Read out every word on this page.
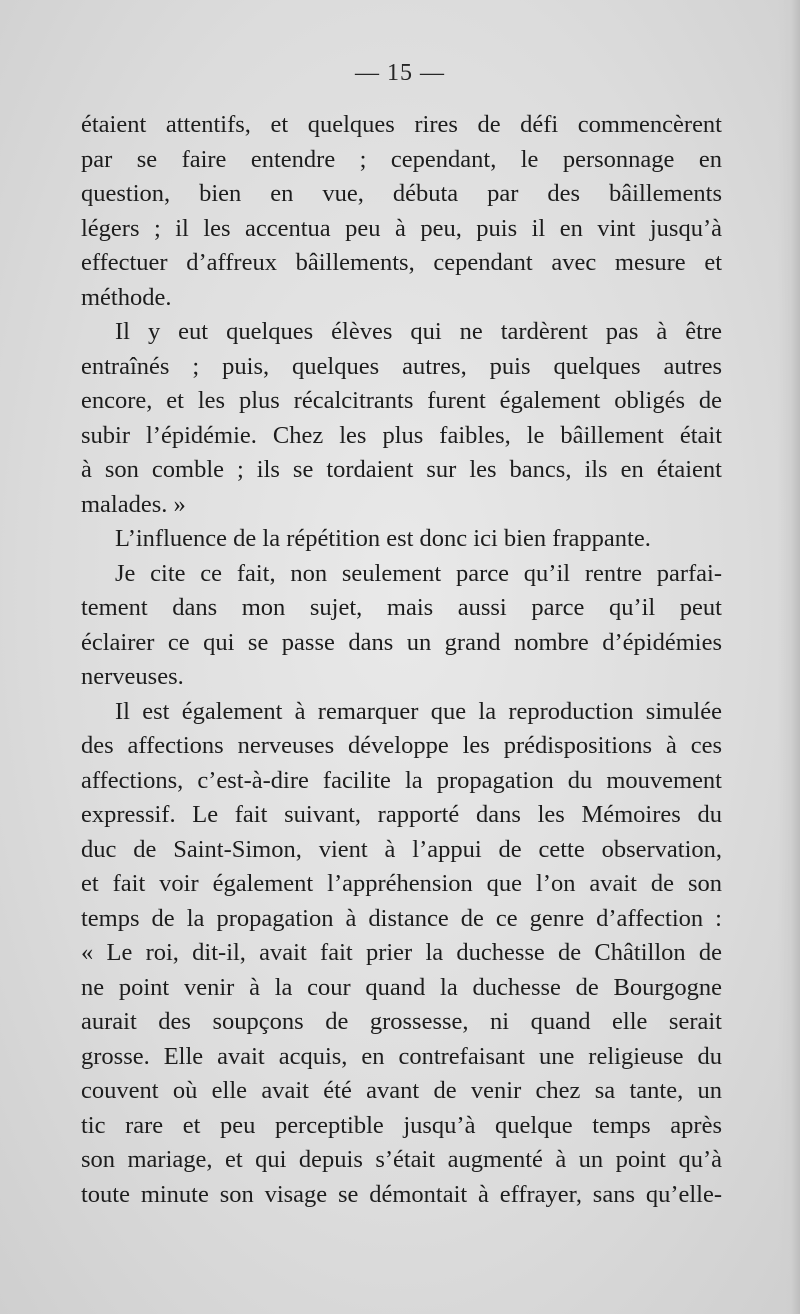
— 15 —
étaient attentifs, et quelques rires de défi commencèrent
par se faire entendre ; cependant, le personnage en
question, bien en vue, débuta par des bâillements
légers ; il les accentua peu à peu, puis il en vint jusqu’à
effectuer d’affreux bâillements, cependant avec mesure et
méthode.
Il y eut quelques élèves qui ne tardèrent pas à être
entraînés ; puis, quelques autres, puis quelques autres
encore, et les plus récalcitrants furent également obligés de
subir l’épidémie. Chez les plus faibles, le bâillement était
à son comble ; ils se tordaient sur les bancs, ils en étaient
malades. »
L’influence de la répétition est donc ici bien frappante.
Je cite ce fait, non seulement parce qu’il rentre parfai-
tement dans mon sujet, mais aussi parce qu’il peut
éclairer ce qui se passe dans un grand nombre d’épidémies
nerveuses.
Il est également à remarquer que la reproduction simulée
des affections nerveuses développe les prédispositions à ces
affections, c’est-à-dire facilite la propagation du mouvement
expressif. Le fait suivant, rapporté dans les Mémoires du
duc de Saint-Simon, vient à l’appui de cette observation,
et fait voir également l’appréhension que l’on avait de son
temps de la propagation à distance de ce genre d’affection :
« Le roi, dit-il, avait fait prier la duchesse de Châtillon de
ne point venir à la cour quand la duchesse de Bourgogne
aurait des soupçons de grossesse, ni quand elle serait
grosse. Elle avait acquis, en contrefaisant une religieuse du
couvent où elle avait été avant de venir chez sa tante, un
tic rare et peu perceptible jusqu’à quelque temps après
son mariage, et qui depuis s’était augmenté à un point qu’à
toute minute son visage se démontait à effrayer, sans qu’elle-
